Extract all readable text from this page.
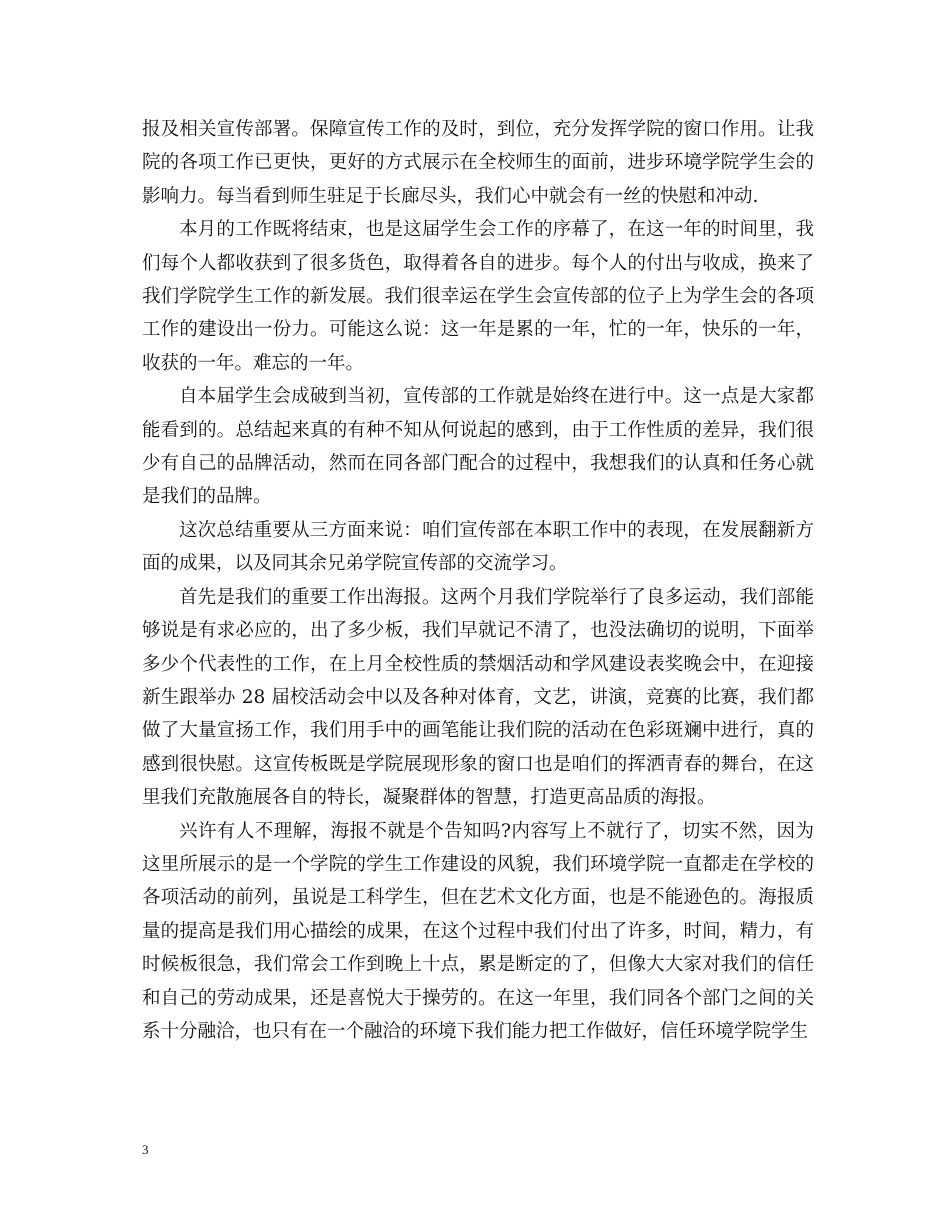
报及相关宣传部署。保障宣传工作的及时，到位，充分发挥学院的窗口作用。让我院的各项工作已更快，更好的方式展示在全校师生的面前，进步环境学院学生会的影响力。每当看到师生驻足于长廊尽头，我们心中就会有一丝的快慰和冲动.

本月的工作既将结束，也是这届学生会工作的序幕了，在这一年的时间里，我们每个人都收获到了很多货色，取得着各自的进步。每个人的付出与收成，换来了我们学院学生工作的新发展。我们很幸运在学生会宣传部的位子上为学生会的各项工作的建设出一份力。可能这么说：这一年是累的一年，忙的一年，快乐的一年，收获的一年。难忘的一年。

自本届学生会成破到当初，宣传部的工作就是始终在进行中。这一点是大家都能看到的。总结起来真的有种不知从何说起的感到，由于工作性质的差异，我们很少有自己的品牌活动，然而在同各部门配合的过程中，我想我们的认真和任务心就是我们的品牌。

这次总结重要从三方面来说：咱们宣传部在本职工作中的表现，在发展翻新方面的成果，以及同其余兄弟学院宣传部的交流学习。

首先是我们的重要工作出海报。这两个月我们学院举行了良多运动，我们部能够说是有求必应的，出了多少板，我们早就记不清了，也没法确切的说明，下面举多少个代表性的工作，在上月全校性质的禁烟活动和学风建设表奖晚会中，在迎接新生跟举办 28 届校活动会中以及各种对体育，文艺，讲演，竞赛的比赛，我们都做了大量宣扬工作，我们用手中的画笔能让我们院的活动在色彩斑斓中进行，真的感到很快慰。这宣传板既是学院展现形象的窗口也是咱们的挥洒青春的舞台，在这里我们充散施展各自的特长，凝聚群体的智慧，打造更高品质的海报。

兴许有人不理解，海报不就是个告知吗?内容写上不就行了，切实不然，因为这里所展示的是一个学院的学生工作建设的风貌，我们环境学院一直都走在学校的各项活动的前列，虽说是工科学生，但在艺术文化方面，也是不能逊色的。海报质量的提高是我们用心描绘的成果，在这个过程中我们付出了许多，时间，精力，有时候板很急，我们常会工作到晚上十点，累是断定的了，但像大大家对我们的信任和自己的劳动成果，还是喜悦大于操劳的。在这一年里，我们同各个部门之间的关系十分融洽，也只有在一个融洽的环境下我们能力把工作做好，信任环境学院学生

3
